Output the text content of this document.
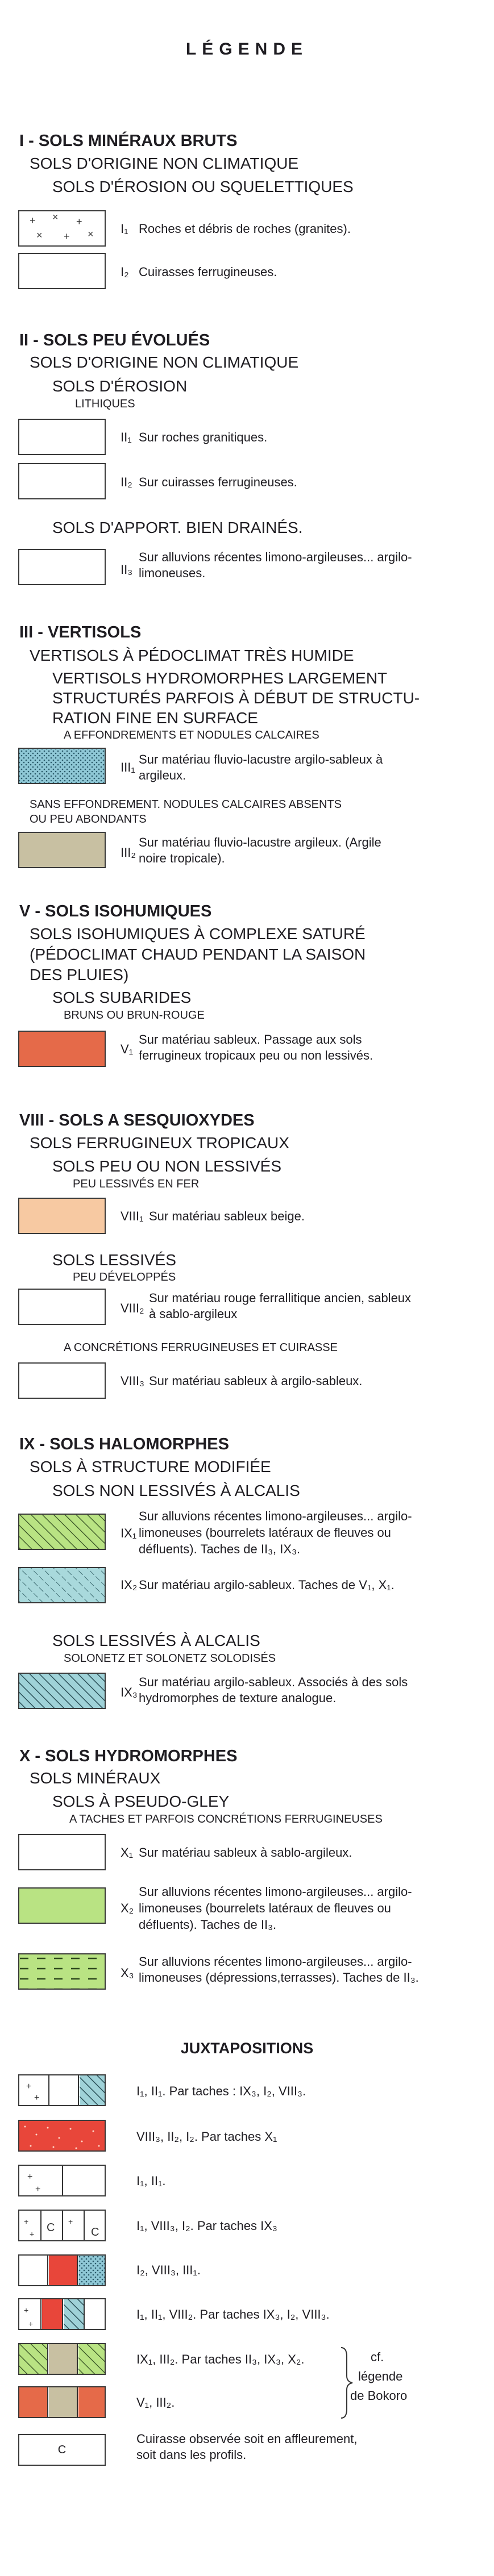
LÉGENDE
I - SOLS MINÉRAUX BRUTS
SOLS D'ORIGINE NON CLIMATIQUE
SOLS D'ÉROSION OU SQUELETTIQUES
+ × +
× + × I₁ Roches et débris de roches (granites).
I₂ Cuirasses ferrugineuses.
II - SOLS PEU ÉVOLUÉS
SOLS D'ORIGINE NON CLIMATIQUE
SOLS D'ÉROSION
LITHIQUES
II₁ Sur roches granitiques.
II₂ Sur cuirasses ferrugineuses.
SOLS D'APPORT. BIEN DRAINÉS.
II₃
Sur alluvions récentes limono-argileuses... argilo-
limoneuses.
III - VERTISOLS
VERTISOLS À PÉDOCLIMAT TRÈS HUMIDE
VERTISOLS HYDROMORPHES LARGEMENT
STRUCTURÉS PARFOIS À DÉBUT DE STRUCTU-
RATION FINE EN SURFACE
A EFFONDREMENTS ET NODULES CALCAIRES
III₁
Sur matériau fluvio-lacustre argilo-sableux à
argileux.
SANS EFFONDREMENT. NODULES CALCAIRES ABSENTS
OU PEU ABONDANTS
III₂
Sur matériau fluvio-lacustre argileux. (Argile
noire tropicale).
V - SOLS ISOHUMIQUES
SOLS ISOHUMIQUES À COMPLEXE SATURÉ
(PÉDOCLIMAT CHAUD PENDANT LA SAISON
DES PLUIES)
SOLS SUBARIDES
BRUNS OU BRUN-ROUGE
V₁
Sur matériau sableux. Passage aux sols
ferrugineux tropicaux peu ou non lessivés.
VIII - SOLS A SESQUIOXYDES
SOLS FERRUGINEUX TROPICAUX
SOLS PEU OU NON LESSIVÉS
PEU LESSIVÉS EN FER
VIII₁ Sur matériau sableux beige.
SOLS LESSIVÉS
PEU DÉVELOPPÉS
VIII₂
Sur matériau rouge ferrallitique ancien, sableux
à sablo-argileux
A CONCRÉTIONS FERRUGINEUSES ET CUIRASSE
VIII₃ Sur matériau sableux à argilo-sableux.
IX - SOLS HALOMORPHES
SOLS À STRUCTURE MODIFIÉE
SOLS NON LESSIVÉS À ALCALIS
IX₁
Sur alluvions récentes limono-argileuses... argilo-
limoneuses (bourrelets latéraux de fleuves ou
défluents). Taches de II₃, IX₃.
IX₂ Sur matériau argilo-sableux. Taches de V₁, X₁.
SOLS LESSIVÉS À ALCALIS
SOLONETZ ET SOLONETZ SOLODISÉS
IX₃
Sur matériau argilo-sableux. Associés à des sols
hydromorphes de texture analogue.
X - SOLS HYDROMORPHES
SOLS MINÉRAUX
SOLS À PSEUDO-GLEY
A TACHES ET PARFOIS CONCRÉTIONS FERRUGINEUSES
X₁ Sur matériau sableux à sablo-argileux.
X₂
Sur alluvions récentes limono-argileuses... argilo-
limoneuses (bourrelets latéraux de fleuves ou
défluents). Taches de II₃.
X₃
Sur alluvions récentes limono-argileuses... argilo-
limoneuses (dépressions,terrasses). Taches de II₃.
JUXTAPOSITIONS
+
+	I₁, II₁. Par taches : IX₃, I₂, VIII₃.
VIII₃, II₂, I₂. Par taches X₁
+
+
I₁, II₁.
+
+ C +
C	I₁, VIII₃, I₂. Par taches IX₃
I₂, VIII₃, III₁.
+
+
I₁, II₁, VIII₂. Par taches IX₃, I₂, VIII₃.
IX₁, III₂. Par taches II₃, IX₃, X₂.
V₁, III₂.
cf.
légende
de Bokoro
C
Cuirasse observée soit en affleurement,
soit dans les profils.
